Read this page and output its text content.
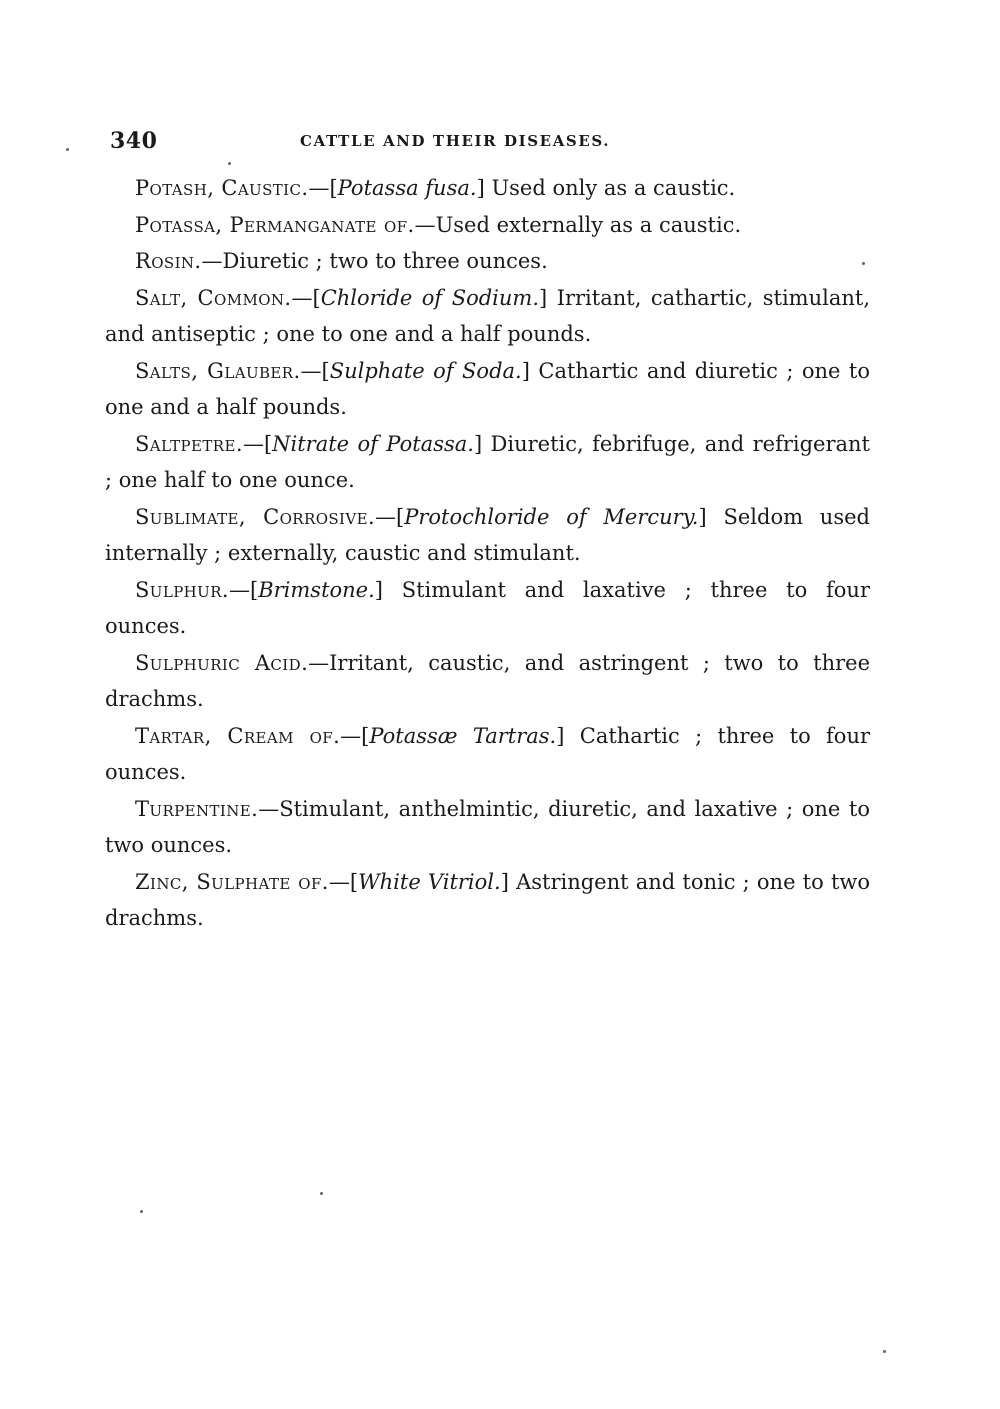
340	CATTLE AND THEIR DISEASES.

Potash, Caustic.—[Potassa fusa.] Used only as a caustic.

Potassa, Permanganate of.—Used externally as a caustic.

Rosin.—Diuretic ; two to three ounces.

Salt, Common.—[Chloride of Sodium.] Irritant, cathartic, stimulant, and antiseptic ; one to one and a half pounds.

Salts, Glauber.—[Sulphate of Soda.] Cathartic and diuretic ; one to one and a half pounds.

Saltpetre.—[Nitrate of Potassa.] Diuretic, febrifuge, and refrigerant ; one half to one ounce.

Sublimate, Corrosive.—[Protochloride of Mercury.] Seldom used internally ; externally, caustic and stimulant.

Sulphur.—[Brimstone.] Stimulant and laxative ; three to four ounces.

Sulphuric Acid.—Irritant, caustic, and astringent ; two to three drachms.

Tartar, Cream of.—[Potassæ Tartras.] Cathartic ; three to four ounces.

Turpentine.—Stimulant, anthelmintic, diuretic, and laxative ; one to two ounces.

Zinc, Sulphate of.—[White Vitriol.] Astringent and tonic ; one to two drachms.
